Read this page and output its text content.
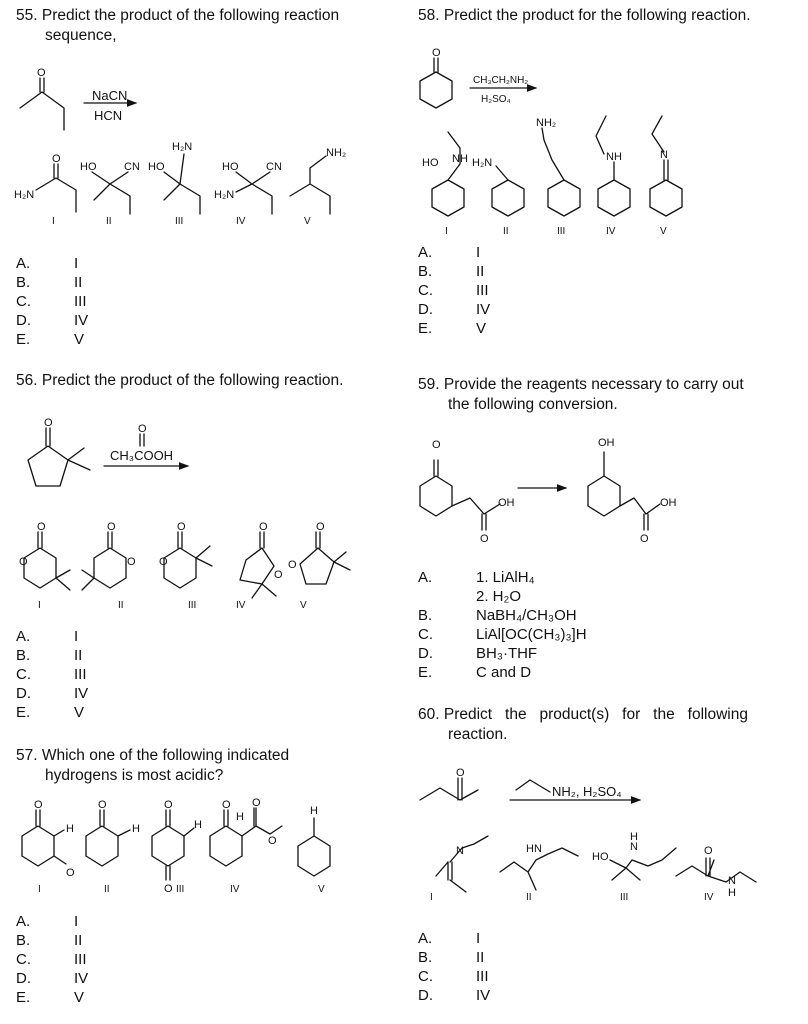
55. Predict the product of the following reaction
sequence,
58. Predict the product for the following reaction.
56. Predict the product of the following reaction.	59. Provide the reagents necessary to carry out
the following conversion.
57. Which one of the following indicated
hydrogens is most acidic?
60. Predict   the   product(s)   for   the   following
reaction.
A.	I
B.	II
C.	III
D.	IV
E.	V
A.	I
B.	II
C.	III
D.	IV
E.	V
A.	I
B.	II
C.	III
D.	IV
E.	V
A.	1. LiAlH₄
2. H₂O
B.	NaBH₄/CH₃OH
C.	LiAl[OC(CH₃)₃]H
D.	BH₃·THF
E.	C and D
A.	I
B.	II
C.	III
D.	IV
E.	V
A.	I
B.	II
C.	III
D.	IV
O
NaCN
HCN
H₂N
O
HO	CN HO
H₂N
HO	CN
H₂N
NH₂
I	II	III	IV	V
O
CH₃CH₂NH₂
H₂SO₄
HO NH H₂N
NH₂
NH	N
I	II	III	IV	V
O
CH₃COOH
O
O
O
O
O
O
O
O
O
O
O
I	II	III	IV	V
O
O
OH
OH
O
OH
O
H
O
O
H
O
O
H
O
H
O
O
H
I	II	III	IV	V
O
NH₂, H₂SO₄
N	HN
HO
N
H
O
N
H
I	II	III	IV
